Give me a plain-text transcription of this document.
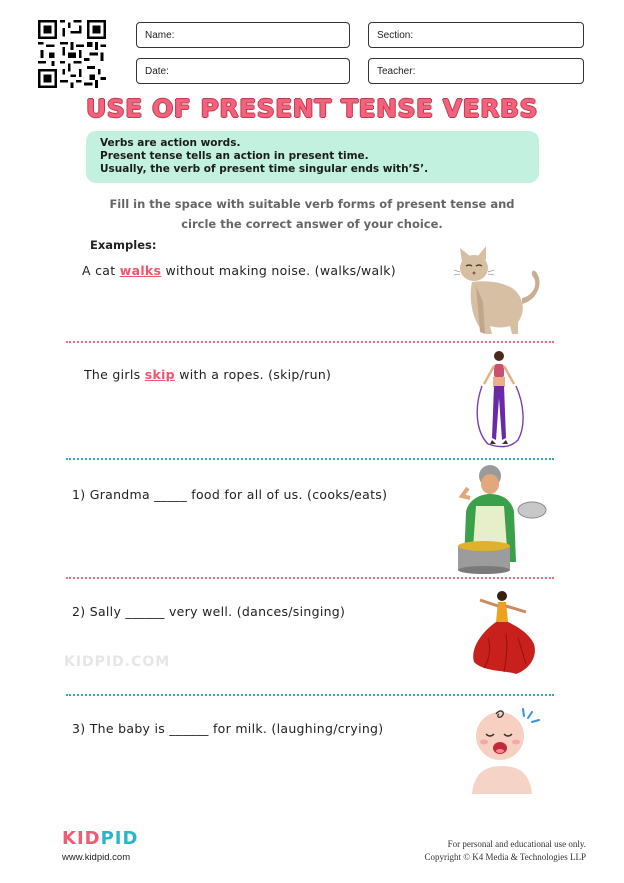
Name:	Section:
Date:	Teacher:
USE OF PRESENT TENSE VERBS
Verbs are action words.
Present tense tells an action in present time.
Usually, the verb of present time singular ends with’S’.
Fill in the space with suitable verb forms of present tense and
circle the correct answer of your choice.
Examples:
A cat walks without making noise. (walks/walk)
The girls skip with a ropes. (skip/run)
1) Grandma _____ food for all of us. (cooks/eats)
2) Sally ______ very well. (dances/singing)
KIDPID.COM
3) The baby is ______ for milk. (laughing/crying)
KIDPID
www.kidpid.com
For personal and educational use only.
Copyright © K4 Media & Technologies LLP
